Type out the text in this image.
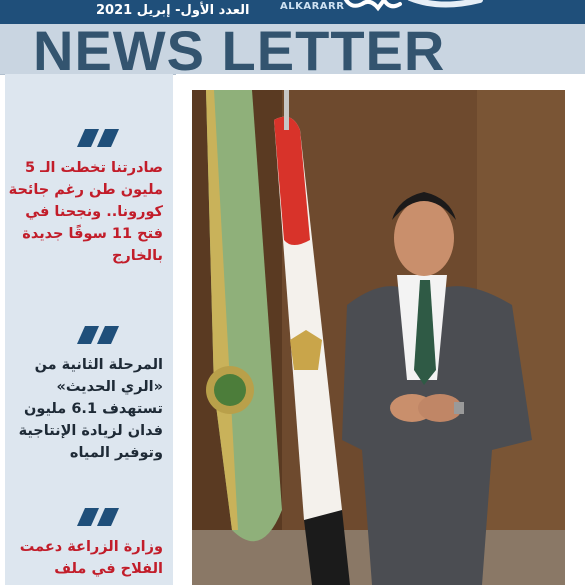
العدد الأول- إبريل 2021	ALKARARR
NEWS LETTER
صادرتنا تخطت الـ 5 مليون طن رغم جائحة كورونا.. ونجحنا في فتح 11 سوقًا جديدة بالخارج
المرحلة الثانية من «الري الحديث» تستهدف 6.1 مليون فدان لزيادة الإنتاجية وتوفير المياه
وزارة الزراعة دعمت الفلاح في ملف
